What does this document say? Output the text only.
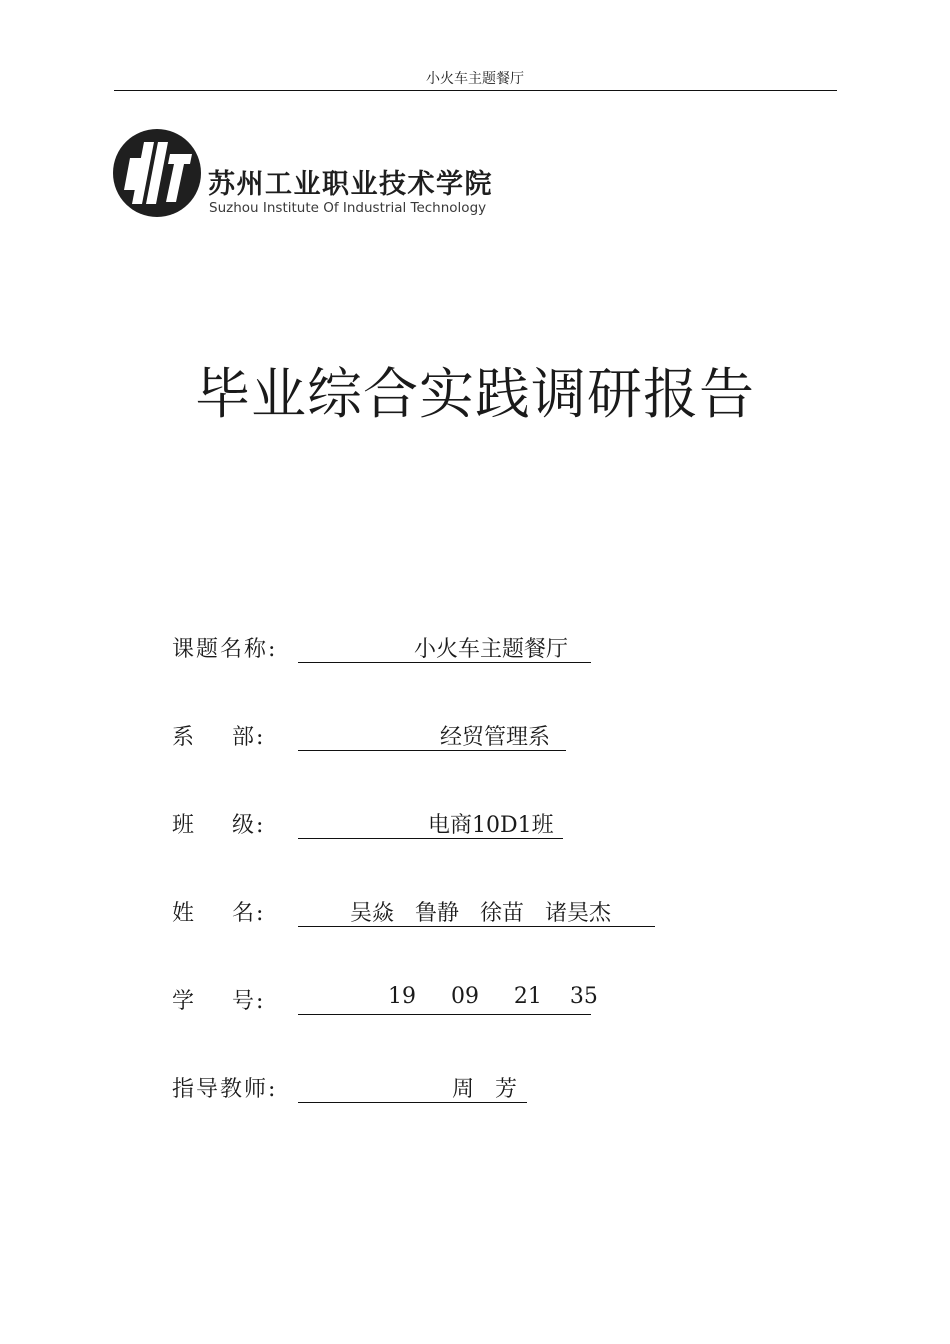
小火车主题餐厅
苏州工业职业技术学院
Suzhou Institute Of Industrial Technology
毕业综合实践调研报告
课题名称:	小火车主题餐厅
系    部:	经贸管理系
班    级:	电商10D1班
姓    名:	吴焱   鲁静   徐苗   诸昊杰
学    号:	19     09     21    35
指导教师:	周   芳
